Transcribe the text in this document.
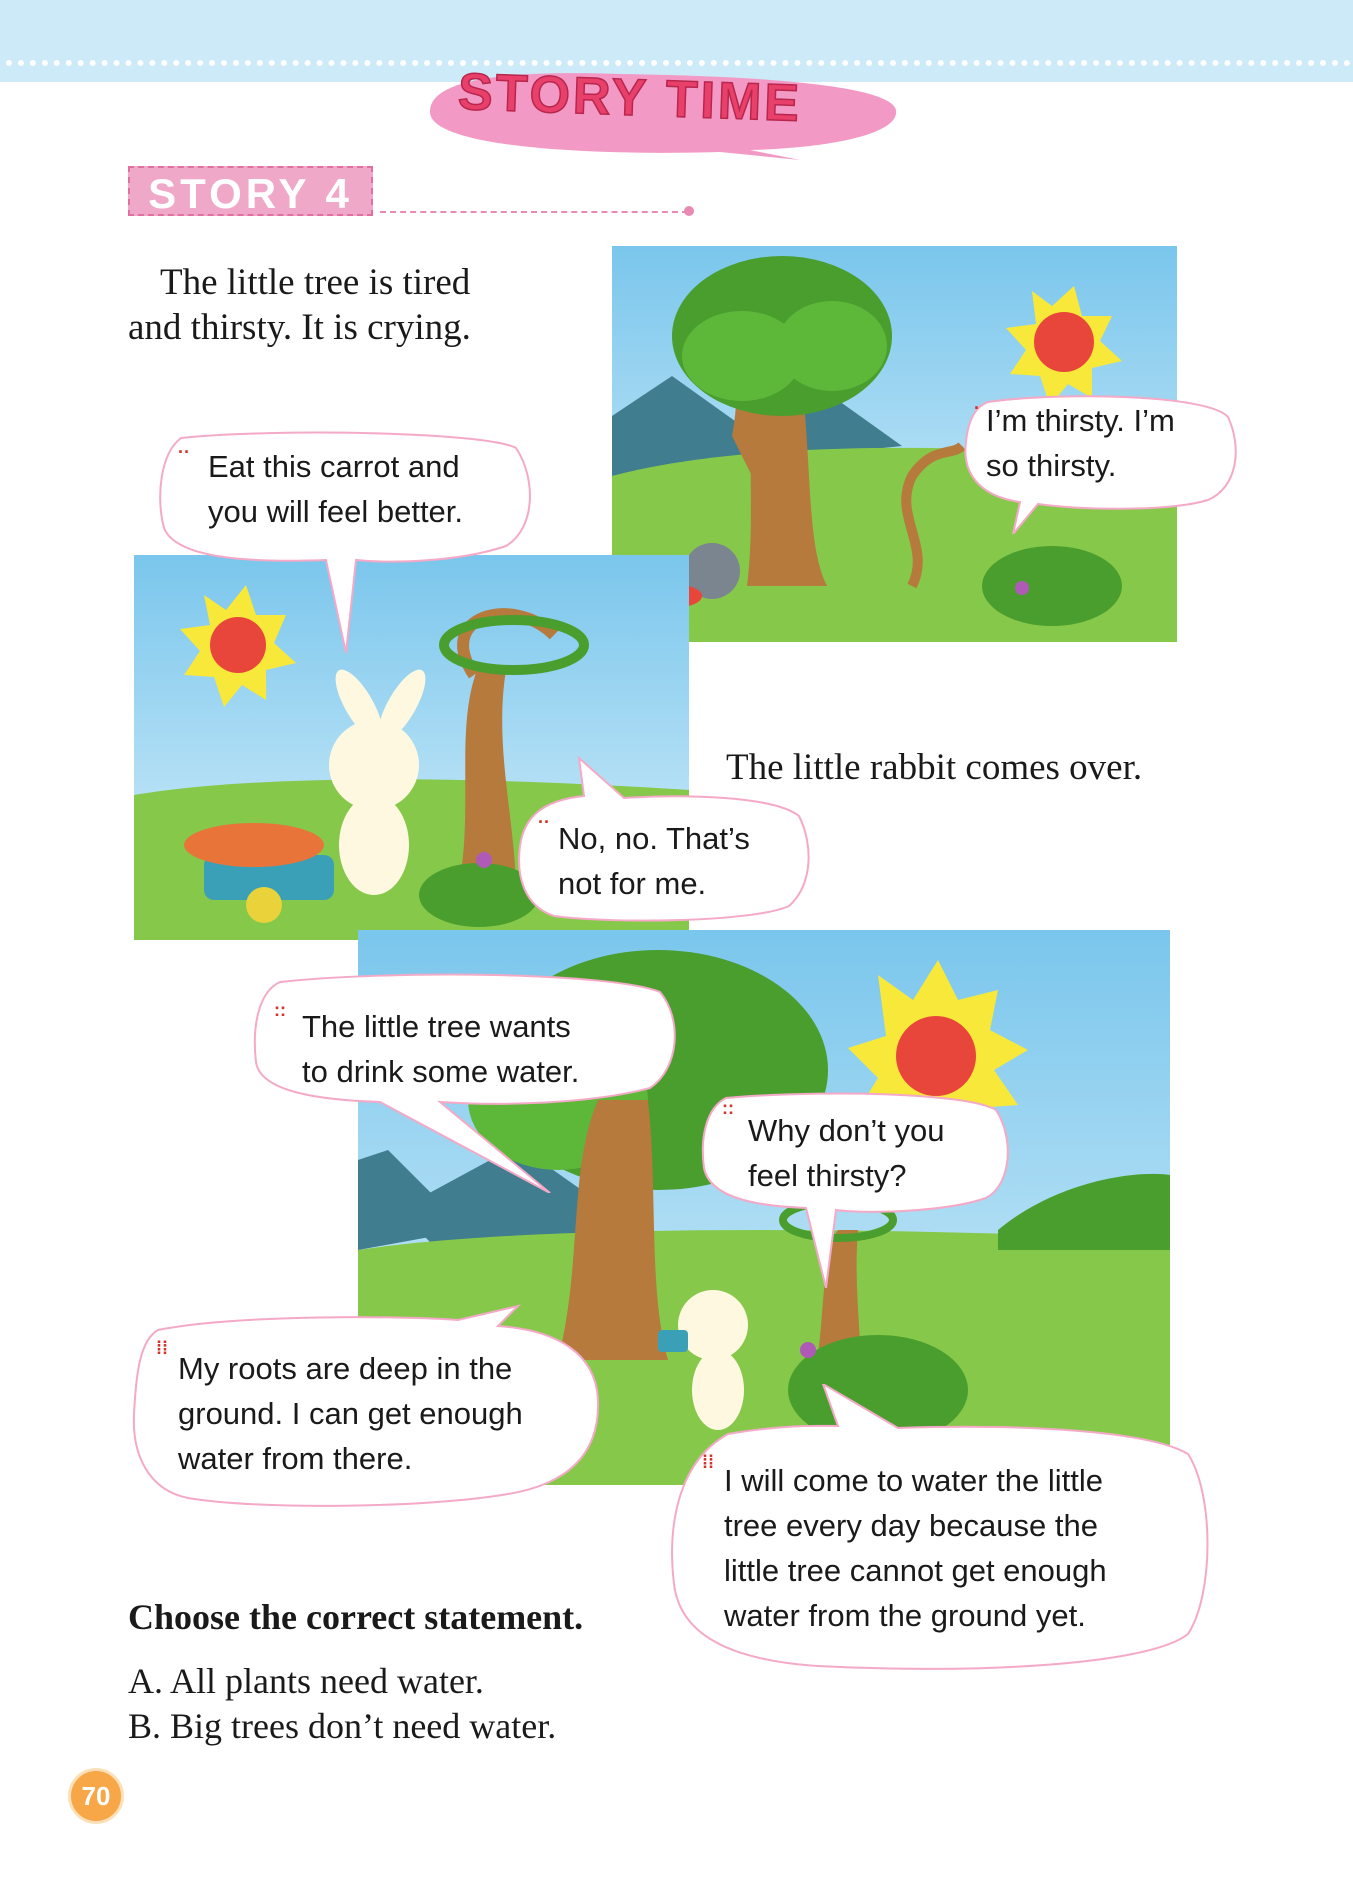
STORY TIME
STORY 4
The little tree is tired
and thirsty. It is crying.
· I’m thirsty. I’m
so thirsty.
·· Eat this carrot and
you will feel better.
The little rabbit comes over.
·· No, no. That’s
not for me.
:: The little tree wants
to drink some water.
::
Why don’t you
feel thirsty?
⁞⁞
My roots are deep in the
ground. I can get enough
water from there.	⁞⁞
I will come to water the little
tree every day because the
little tree cannot get enough
water from the ground yet.
Choose the correct statement.
A. All plants need water.
B. Big trees don’t need water.
70
